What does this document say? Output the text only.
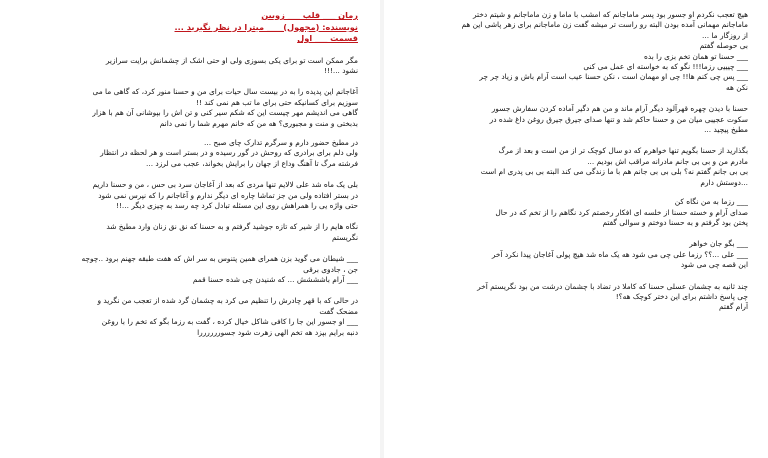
رمان ___ قلب ___ زوبین
نویسنده: (مجهول)____ میترا در نظر نگیرید ...
قسمت ___ اول
مگر ممکن است تو برای یکی بسوزی ولی او حتی اشک از چشمانش برایت سرازیر
نشود ...!!!
آغاجانم این پدیده را به در بیست سال حیات برای من و حسنا منور کرد، که گاهی ما می
سوزیم برای کسانیکه حتی برای ما تب هم نمی کند !!
گاهی می اندیشم مهر چیست این که شکم سیر کنی و تن اش را بپوشانی آن هم با هزار
بدبختی و منت و مجبوری؟ هه من که خانم مهرم شما را نمی دانم
در مطبخ حضور دارم و سرگرم تدارک چای صبح ...
ولی دلم برای برادری که روحش در گور رسیده و در بستر است و هر لحظه در انتظار
فرشته مرگ تا آهنگ وداع از جهان را برایش بخواند، عجب می لرزد ...
بلی یک ماه شد علی لالایم تنها مردی که بعد از آغاجان سرد بی حس ، من و حسنا داریم
در بستر افتاده ولی من جز تماشا چاره ای دیگر ندارم و آغاجانم را که نپرس نمی شود
حتی واژه یی را همراهش روی این مسئله تبادل کرد چه رسد به چیزی دیگر ...!!
نگاه هایم را از شیر که تازه جوشید گرفتم و به حسنا که نق نق زنان وارد مطبخ شد
نگریستم
___ شیطان می گوید بزن همرای همین پتنوس به سر اش که هفت طبقه جهنم برود ..چوچه
جن ، جادوی برقی
___ آرام باشششش ... که شنیدن چی شده حسنا قمم
در حالی که با قهر چادرش را تنظیم می کرد به چشمان گرد شده از تعجب من نگرید و
مضحک گفت
___ او جسور این جا را کافی شاکل خیال کرده ، گفت به رزما بگو که تخم را با روغن
دنبه برایم بپزد هه تخم الهی زهرت شود جسوررررررا
هیچ تعجب نکردم او جسور بود پسر ماماجانم که امشب با ماما و زن ماماجانم و شیتم دختر
ماماجانم مهمانی آمده بودن البته رو راست تر میشه گفت زن ماماجانم برای زهر پاشی این هم
از روزگار ما ...
بی حوصله گفتم
___ حسنا تو همان تخم بزی را بده
___ چیییی رزما!!! نگو که به خواسته ای عمل می کنی
___ پس چی کنم ها!! چی او مهمان است ، نکن حسنا عیب است آرام باش و زیاد چر چر
نکن هه
حسنا با دیدن چهره قهرآلود دیگر آرام ماند و من هم دگیر آماده کردن سفارش جسور
سکوت عجیبی میان من و حسنا حاکم شد و تنها صدای جیرق جیرق روغن داغ شده در
مطبخ پیچید ...
بگذارید از حسنا بگویم تنها خواهرم که دو سال کوچک تر از من است و بعد از مرگ
مادرم من و بی بی جانم مادرانه مراقب اش بودیم ...
بی بی جانم گفتم نه؟ بلی بی بی جانم هم با ما زندگی می کند البته بی بی پدری ام است
...دوستش دارم
___ رزما به من نگاه کن
صدای آرام و خسته حسنا از خلسه ای افکار رخصتم کرد نگاهم را از تخم که در حال
پختن بود گرفتم و به حسنا دوختم و سوالی گفتم
___ بگو جان خواهر
___ علی ...؟؟ رزما علی چی می شود هه یک ماه شد هیچ پولی آغاجان پیدا نکرد آخر
این قصه چی می شود
چند ثانیه به چشمان عسلی حسنا که کاملا در تضاد با چشمان درشت من بود نگریستم آخر
چی پاسخ داشتم برای این دختر کوچک هه؟!
آرام گفتم
